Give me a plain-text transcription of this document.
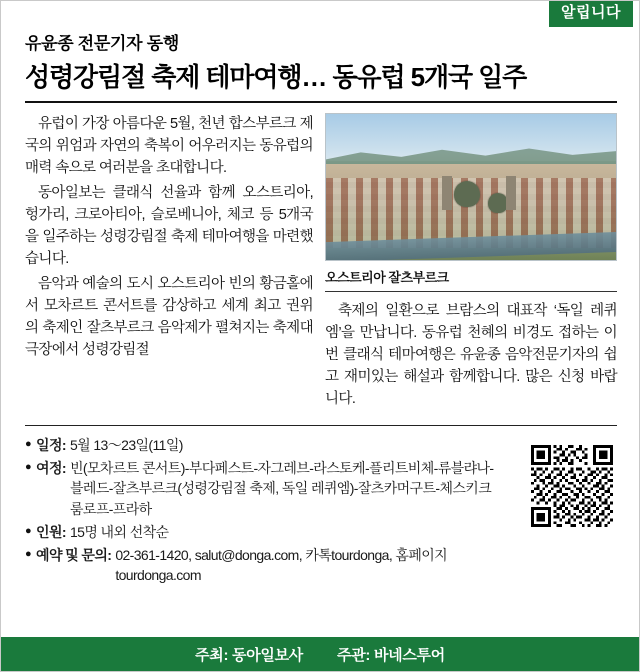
알립니다
유윤종 전문기자 동행
성령강림절 축제 테마여행… 동유럽 5개국 일주

유럽이 가장 아름다운 5월, 천년 합스부르크 제국의 위엄과 자연의 축복이 어우러지는 동유럽의 매력 속으로 여러분을 초대합니다.

동아일보는 클래식 선율과 함께 오스트리아, 헝가리, 크로아티아, 슬로베니아, 체코 등 5개국을 일주하는 성령강림절 축제 테마여행을 마련했습니다.

음악과 예술의 도시 오스트리아 빈의 황금홀에서 모차르트 콘서트를 감상하고 세계 최고 권위의 축제인 잘츠부르크 음악제가 펼쳐지는 축제대극장에서 성령강림절

오스트리아 잘츠부르크

축제의 일환으로 브람스의 대표작 ‘독일 레퀴엠’을 만납니다. 동유럽 천혜의 비경도 접하는 이번 클래식 테마여행은 유윤종 음악전문기자의 쉽고 재미있는 해설과 함께합니다. 많은 신청 바랍니다.

● 일정: 5월 13～23일(11일)
● 여정: 빈(모차르트 콘서트)-부다페스트-자그레브-라스토케-플리트비체-류블랴나-블레드-잘츠부르크(성령강림절 축제, 독일 레퀴엠)-잘츠카머구트-체스키크룸로프-프라하
● 인원: 15명 내외 선착순
● 예약 및 문의: 02-361-1420, salut@donga.com, 카톡tourdonga, 홈페이지tourdonga.com
주최: 동아일보사 주관: 바네스투어
